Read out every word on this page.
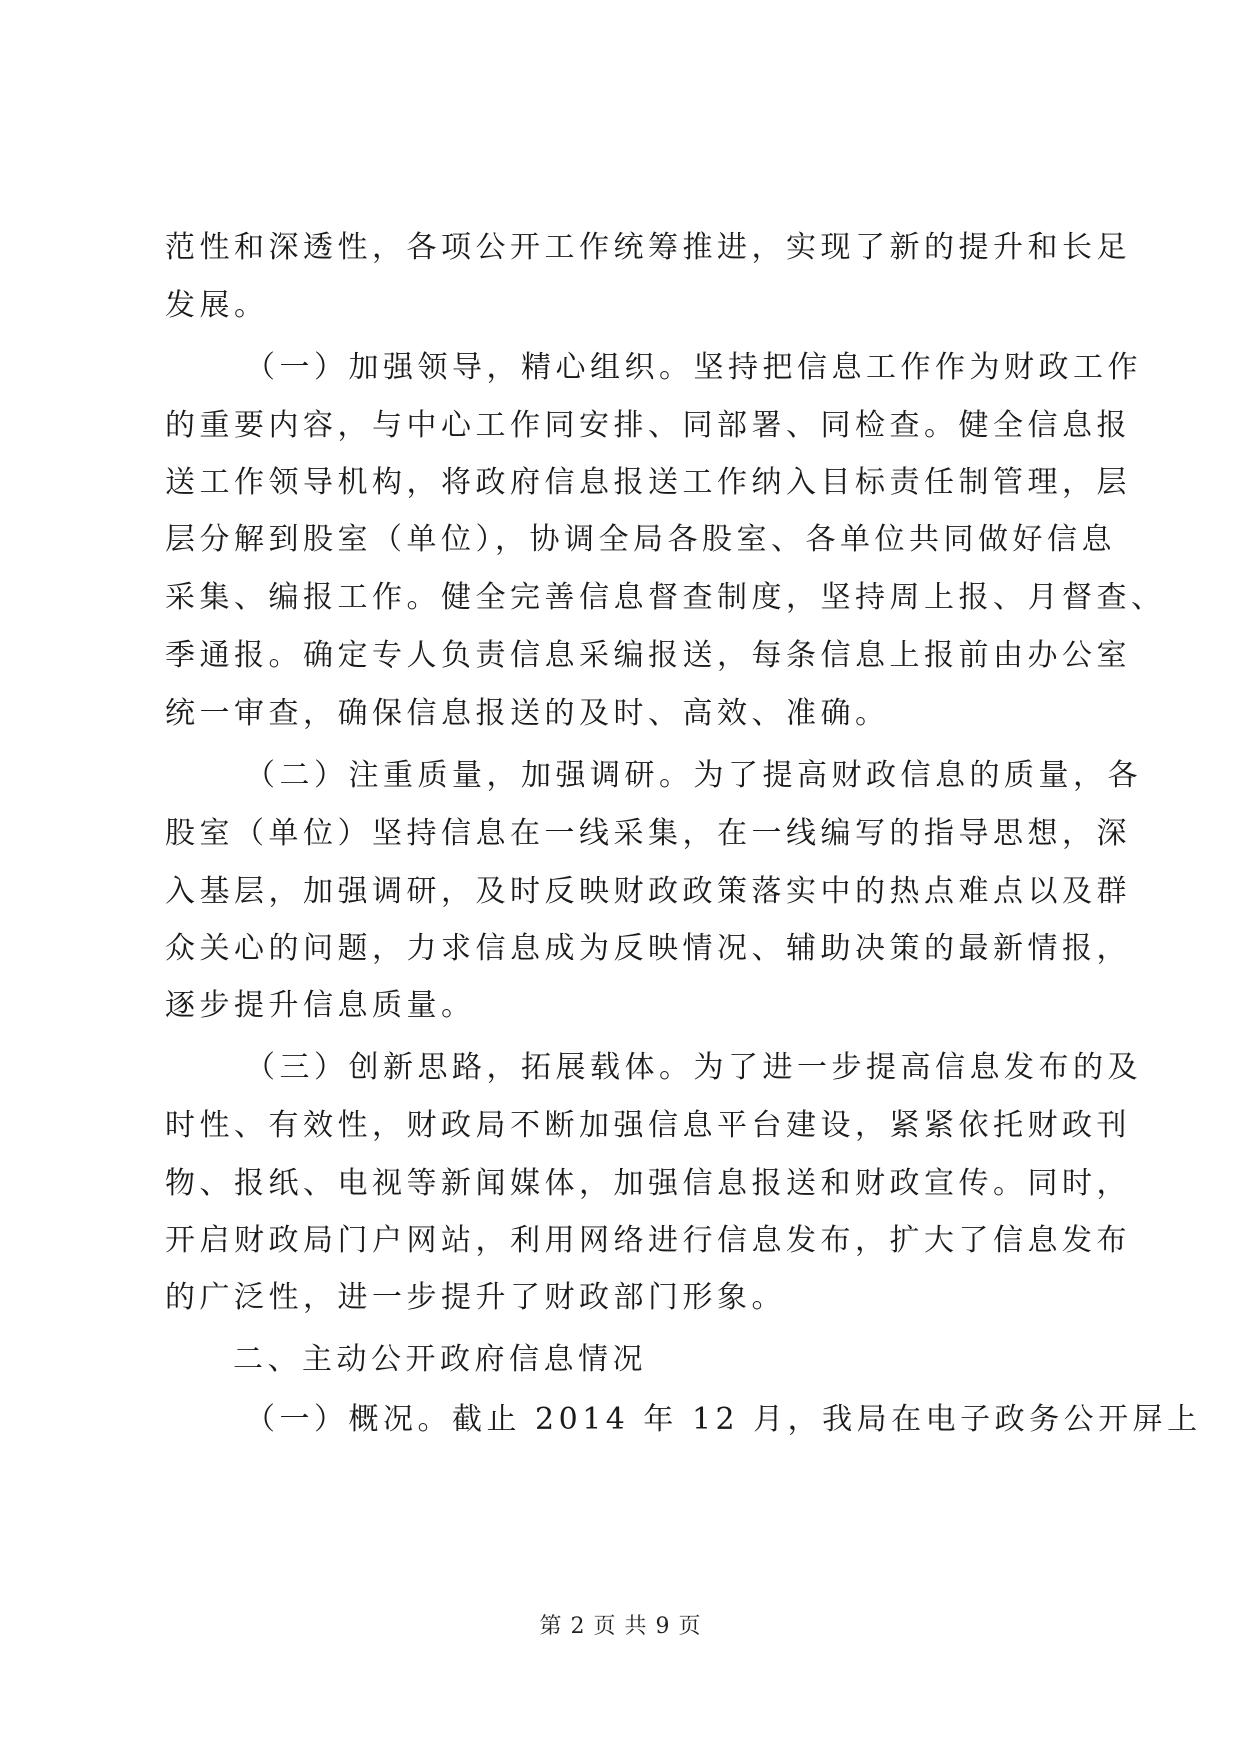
范性和深透性，各项公开工作统筹推进，实现了新的提升和长足
发展。
（一）加强领导，精心组织。坚持把信息工作作为财政工作
的重要内容，与中心工作同安排、同部署、同检查。健全信息报
送工作领导机构，将政府信息报送工作纳入目标责任制管理，层
层分解到股室（单位），协调全局各股室、各单位共同做好信息
采集、编报工作。健全完善信息督查制度，坚持周上报、月督查、
季通报。确定专人负责信息采编报送，每条信息上报前由办公室
统一审查，确保信息报送的及时、高效、准确。
（二）注重质量，加强调研。为了提高财政信息的质量，各
股室（单位）坚持信息在一线采集，在一线编写的指导思想，深
入基层，加强调研，及时反映财政政策落实中的热点难点以及群
众关心的问题，力求信息成为反映情况、辅助决策的最新情报，
逐步提升信息质量。
（三）创新思路，拓展载体。为了进一步提高信息发布的及
时性、有效性，财政局不断加强信息平台建设，紧紧依托财政刊
物、报纸、电视等新闻媒体，加强信息报送和财政宣传。同时，
开启财政局门户网站，利用网络进行信息发布，扩大了信息发布
的广泛性，进一步提升了财政部门形象。
二、主动公开政府信息情况
（一）概况。截止 2014 年 12 月，我局在电子政务公开屏上
第 2 页 共 9 页
